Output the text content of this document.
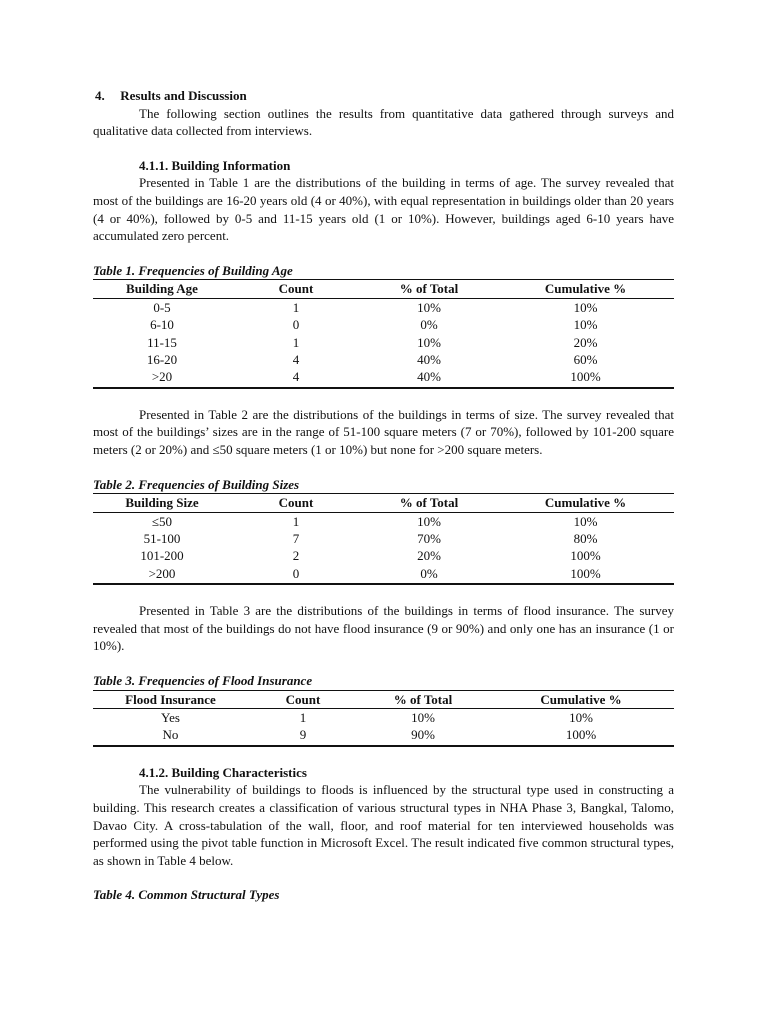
4. Results and Discussion

The following section outlines the results from quantitative data gathered through surveys and qualitative data collected from interviews.

4.1.1. Building Information

Presented in Table 1 are the distributions of the building in terms of age. The survey revealed that most of the buildings are 16-20 years old (4 or 40%), with equal representation in buildings older than 20 years (4 or 40%), followed by 0-5 and 11-15 years old (1 or 10%). However, buildings aged 6-10 years have accumulated zero percent.

Table 1. Frequencies of Building Age
Building Age	Count	% of Total	Cumulative %
0-5	1	10%	10%
6-10	0	0%	10%
11-15	1	10%	20%
16-20	4	40%	60%
>20	4	40%	100%

Presented in Table 2 are the distributions of the buildings in terms of size. The survey revealed that most of the buildings’ sizes are in the range of 51-100 square meters (7 or 70%), followed by 101-200 square meters (2 or 20%) and ≤50 square meters (1 or 10%) but none for >200 square meters.

Table 2. Frequencies of Building Sizes
Building Size	Count	% of Total	Cumulative %
≤50	1	10%	10%
51-100	7	70%	80%
101-200	2	20%	100%
>200	0	0%	100%

Presented in Table 3 are the distributions of the buildings in terms of flood insurance. The survey revealed that most of the buildings do not have flood insurance (9 or 90%) and only one has an insurance (1 or 10%).

Table 3. Frequencies of Flood Insurance
Flood Insurance	Count	% of Total	Cumulative %
Yes	1	10%	10%
No	9	90%	100%
4.1.2. Building Characteristics

The vulnerability of buildings to floods is influenced by the structural type used in constructing a building. This research creates a classification of various structural types in NHA Phase 3, Bangkal, Talomo, Davao City. A cross-tabulation of the wall, floor, and roof material for ten interviewed households was performed using the pivot table function in Microsoft Excel. The result indicated five common structural types, as shown in Table 4 below.

Table 4. Common Structural Types
